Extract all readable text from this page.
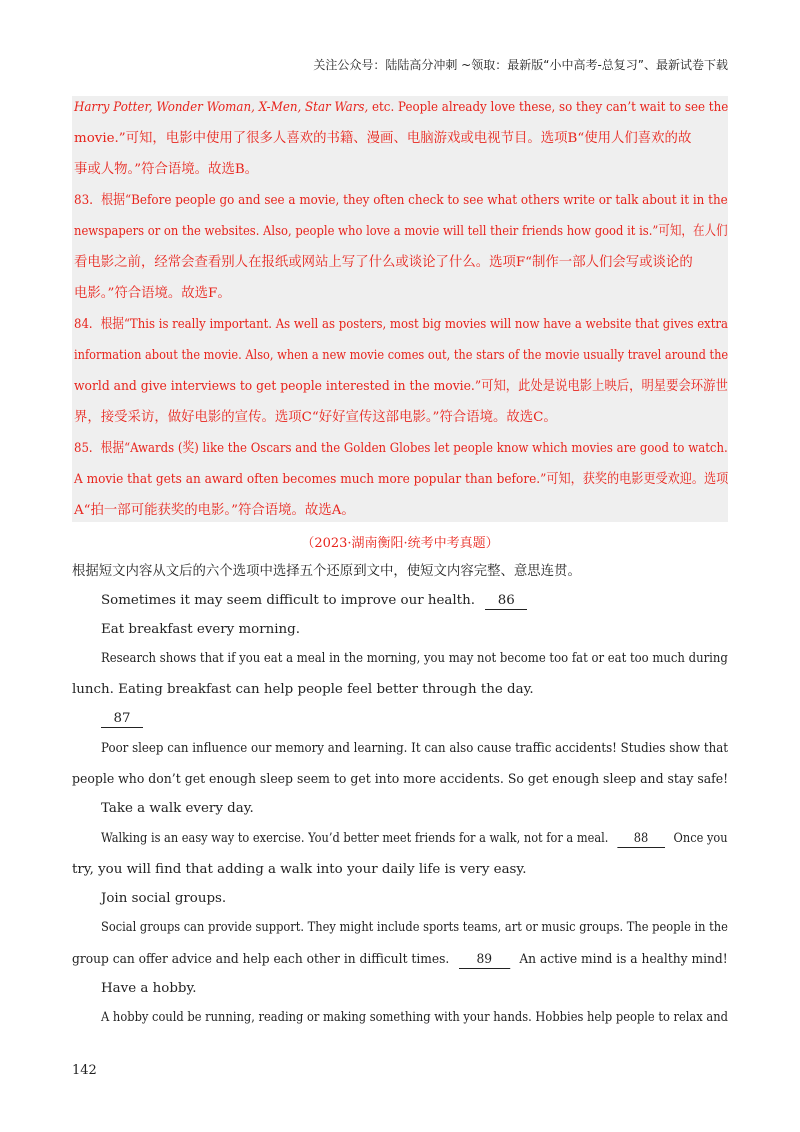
关注公众号：陆陆高分冲刺 ~领取：最新版“小中高考-总复习”、最新试卷下载
Harry Potter, Wonder Woman, X-Men, Star Wars, etc. People already love these, so they can’t wait to see the
movie.”可知，电影中使用了很多人喜欢的书籍、漫画、电脑游戏或电视节目。选项B“使用人们喜欢的故
事或人物。”符合语境。故选B。
83．根据“Before people go and see a movie, they often check to see what others write or talk about it in the
newspapers or on the websites. Also, people who love a movie will tell their friends how good it is.”可知，在人们
看电影之前，经常会查看别人在报纸或网站上写了什么或谈论了什么。选项F“制作一部人们会写或谈论的
电影。”符合语境。故选F。
84．根据“This is really important. As well as posters, most big movies will now have a website that gives extra
information about the movie. Also, when a new movie comes out, the stars of the movie usually travel around the
world and give interviews to get people interested in the movie.”可知，此处是说电影上映后，明星要会环游世
界，接受采访，做好电影的宣传。选项C“好好宣传这部电影。”符合语境。故选C。
85．根据“Awards (奖) like the Oscars and the Golden Globes let people know which movies are good to watch.
A movie that gets an award often becomes much more popular than before.”可知，获奖的电影更受欢迎。选项
A“拍一部可能获奖的电影。”符合语境。故选A。
（2023·湖南衡阳·统考中考真题）
根据短文内容从文后的六个选项中选择五个还原到文中，使短文内容完整、意思连贯。
Sometimes it may seem difficult to improve our health. 86
Eat breakfast every morning.
Research shows that if you eat a meal in the morning, you may not become too fat or eat too much during
lunch. Eating breakfast can help people feel better through the day.
87
Poor sleep can influence our memory and learning. It can also cause traffic accidents! Studies show that
people who don’t get enough sleep seem to get into more accidents. So get enough sleep and stay safe!
Take a walk every day.
Walking is an easy way to exercise. You’d better meet friends for a walk, not for a meal. 88 Once you
try, you will find that adding a walk into your daily life is very easy.
Join social groups.
Social groups can provide support. They might include sports teams, art or music groups. The people in the
group can offer advice and help each other in difficult times. 89 An active mind is a healthy mind!
Have a hobby.
A hobby could be running, reading or making something with your hands. Hobbies help people to relax and
142
